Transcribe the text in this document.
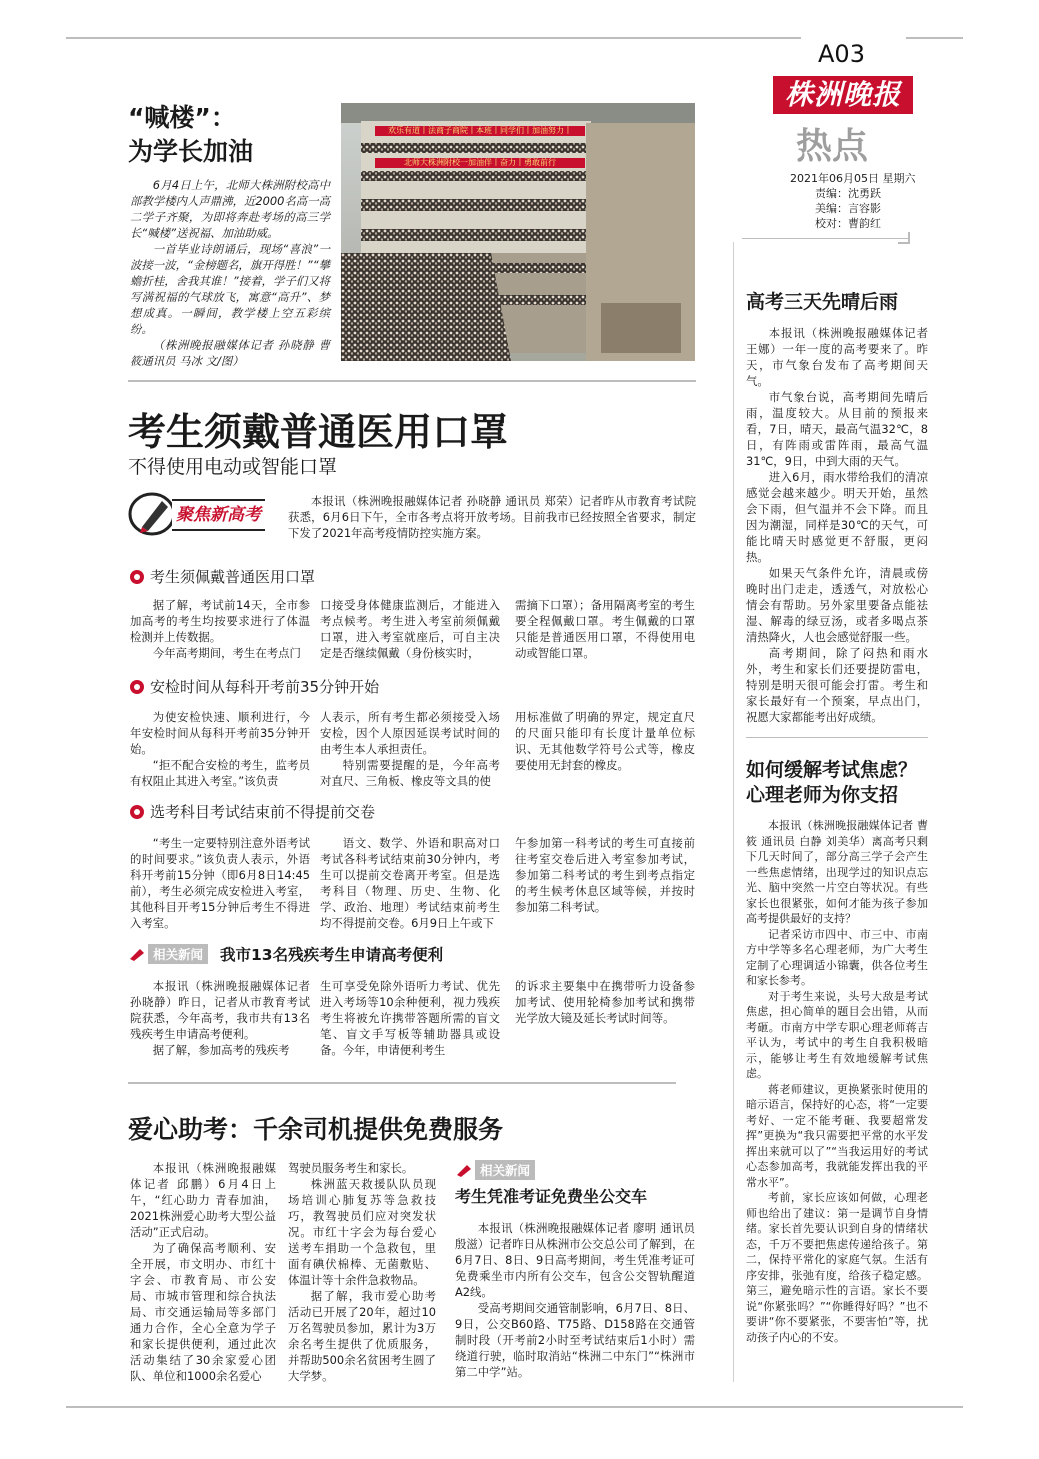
A03
株洲晚报
热点
2021年06月05日 星期六
责编：沈勇跃
美编：言容影
校对：曹韵红
“喊楼”：
为学长加油
欢乐有道丨法商子商院丨本班丨同学们丨加油努力丨
北师大株洲附校一加油伴丨奋力丨勇敢前行

6月4日上午，北师大株洲附校高中部教学楼内人声鼎沸，近2000名高一高二学子齐聚，为即将奔赴考场的高三学长“喊楼”送祝福、加油助威。

一首毕业诗朗诵后，现场“喜浪”一波接一波，“金榜题名，旗开得胜！”“攀蟾折桂，舍我其谁！”接着，学子们又将写满祝福的气球放飞，寓意“高升”、梦想成真。一瞬间，教学楼上空五彩缤纷。

（株洲晚报融媒体记者 孙晓静 曹筱通讯员 马冰 文/图）

考生须戴普通医用口罩
不得使用电动或智能口罩
聚焦新高考

本报讯（株洲晚报融媒体记者 孙晓静 通讯员 郑荣）记者昨从市教育考试院获悉，6月6日下午，全市各考点将开放考场。目前我市已经按照全省要求，制定下发了2021年高考疫情防控实施方案。

考生须佩戴普通医用口罩

据了解，考试前14天，全市参加高考的考生均按要求进行了体温检测并上传数据。

今年高考期间，考生在考点门

口接受身体健康监测后，才能进入考点候考。考生进入考室前须佩戴口罩，进入考室就座后，可自主决定是否继续佩戴（身份核实时，

需摘下口罩）；备用隔离考室的考生要全程佩戴口罩。考生佩戴的口罩只能是普通医用口罩，不得使用电动或智能口罩。

安检时间从每科开考前35分钟开始

为使安检快速、顺利进行，今年安检时间从每科开考前35分钟开始。

“拒不配合安检的考生，监考员有权阻止其进入考室。”该负责

人表示，所有考生都必须接受入场安检，因个人原因延误考试时间的由考生本人承担责任。

特别需要提醒的是，今年高考对直尺、三角板、橡皮等文具的使

用标准做了明确的界定，规定直尺的尺面只能印有长度计量单位标识、无其他数学符号公式等，橡皮要使用无封套的橡皮。

选考科目考试结束前不得提前交卷

“考生一定要特别注意外语考试的时间要求。”该负责人表示，外语科开考前15分钟（即6月8日14:45前），考生必须完成安检进入考室，其他科目开考15分钟后考生不得进入考室。

语文、数学、外语和职高对口考试各科考试结束前30分钟内，考生可以提前交卷离开考室。但是选考科目（物理、历史、生物、化学、政治、地理）考试结束前考生均不得提前交卷。6月9日上午或下

午参加第一科考试的考生可直接前往考室交卷后进入考室参加考试，参加第二科考试的考生到考点指定的考生候考休息区域等候，并按时参加第二科考试。

相关新闻	我市13名残疾考生申请高考便利

本报讯（株洲晚报融媒体记者 孙晓静）昨日，记者从市教育考试院获悉，今年高考，我市共有13名残疾考生申请高考便利。

据了解，参加高考的残疾考

生可享受免除外语听力考试、优先进入考场等10余种便利，视力残疾考生将被允许携带答题所需的盲文笔、盲文手写板等辅助器具或设备。今年，申请便利考生

的诉求主要集中在携带听力设备参加考试、使用轮椅参加考试和携带光学放大镜及延长考试时间等。

爱心助考：千余司机提供免费服务

本报讯（株洲晚报融媒体记者 邱鹏）6月4日上午，“红心助力 青春加油，2021株洲爱心助考大型公益活动”正式启动。

为了确保高考顺利、安全开展，市文明办、市红十字会、市教育局、市公安局、市城市管理和综合执法局、市交通运输局等多部门通力合作，全心全意为学子和家长提供便利，通过此次活动集结了30余家爱心团队、单位和1000余名爱心

驾驶员服务考生和家长。

株洲蓝天救援队队员现场培训心肺复苏等急救技巧，教驾驶员们应对突发状况。市红十字会为每台爱心送考车捐助一个急救包，里面有碘伏棉棒、无菌敷贴、体温计等十余件急救物品。

据了解，我市爱心助考活动已开展了20年，超过10万名驾驶员参加，累计为3万余名考生提供了优质服务，并帮助500余名贫困考生圆了大学梦。

相关新闻
考生凭准考证免费坐公交车

本报讯（株洲晚报融媒体记者 廖明 通讯员 殷滋）记者昨日从株洲市公交总公司了解到，在6月7日、8日、9日高考期间，考生凭准考证可免费乘坐市内所有公交车，包含公交智轨醒道A2线。

受高考期间交通管制影响，6月7日、8日、9日，公交B60路、T75路、D158路在交通管制时段（开考前2小时至考试结束后1小时）需绕道行驶，临时取消站“株洲二中东门”“株洲市第二中学”站。

高考三天先晴后雨

本报讯（株洲晚报融媒体记者 王娜）一年一度的高考要来了。昨天，市气象台发布了高考期间天气。

市气象台说，高考期间先晴后雨，温度较大。从目前的预报来看，7日，晴天，最高气温32℃，8日，有阵雨或雷阵雨，最高气温31℃，9日，中到大雨的天气。

进入6月，雨水带给我们的清凉感觉会越来越少。明天开始，虽然会下雨，但气温并不会下降。而且因为潮湿，同样是30℃的天气，可能比晴天时感觉更不舒服，更闷热。

如果天气条件允许，清晨或傍晚时出门走走，透透气，对放松心情会有帮助。另外家里要备点能祛湿、解毒的绿豆汤，或者多喝点茶清热降火，人也会感觉舒服一些。

高考期间，除了闷热和雨水外，考生和家长们还要提防雷电，特别是明天很可能会打雷。考生和家长最好有一个预案，早点出门，祝愿大家都能考出好成绩。

如何缓解考试焦虑？
心理老师为你支招

本报讯（株洲晚报融媒体记者 曹筱 通讯员 白静 刘美华）离高考只剩下几天时间了，部分高三学子会产生一些焦虑情绪，出现学过的知识点忘光、脑中突然一片空白等状况。有些家长也很紧张，如何才能为孩子参加高考提供最好的支持？

记者采访市四中、市三中、市南方中学等多名心理老师，为广大考生定制了心理调适小锦囊，供各位考生和家长参考。

对于考生来说，头号大敌是考试焦虑，担心简单的题目会出错，从而考砸。市南方中学专职心理老师蒋吉平认为，考试中的考生自我积极暗示，能够让考生有效地缓解考试焦虑。

蒋老师建议，更换紧张时使用的暗示语言，保持好的心态，将“一定要考好、一定不能考砸、我要超常发挥”更换为“我只需要把平常的水平发挥出来就可以了”“当我运用好的考试心态参加高考，我就能发挥出我的平常水平”。

考前，家长应该如何做，心理老师也给出了建议：第一是调节自身情绪。家长首先要认识到自身的情绪状态，千万不要把焦虑传递给孩子。第二，保持平常化的家庭气氛。生活有序安排，张弛有度，给孩子稳定感。第三，避免暗示性的言语。家长不要说“你紧张吗？”“你睡得好吗？”也不要讲“你不要紧张，不要害怕”等，扰动孩子内心的不安。
